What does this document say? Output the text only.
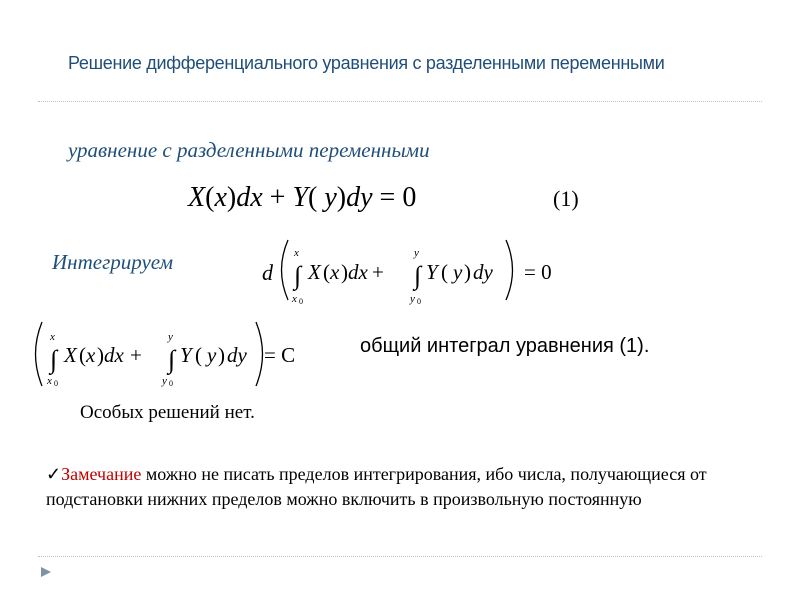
Решение дифференциального уравнения с разделенными переменными
уравнение с разделенными переменными
X(x)dx + Y( y)dy = 0	(1)
Интегрируем	d
x
∫
x 0
X ( x ) dx +
y
∫
y 0
Y ( y ) dy = 0
x
∫
x 0
X ( x ) dx +
y
∫
y 0
Y ( y ) dy = C	общий интеграл уравнения (1).
Особых решений нет.
✓Замечание можно не писать пределов интегрирования, ибо числа, получающиеся от подстановки нижних пределов можно включить в произвольную постоянную
